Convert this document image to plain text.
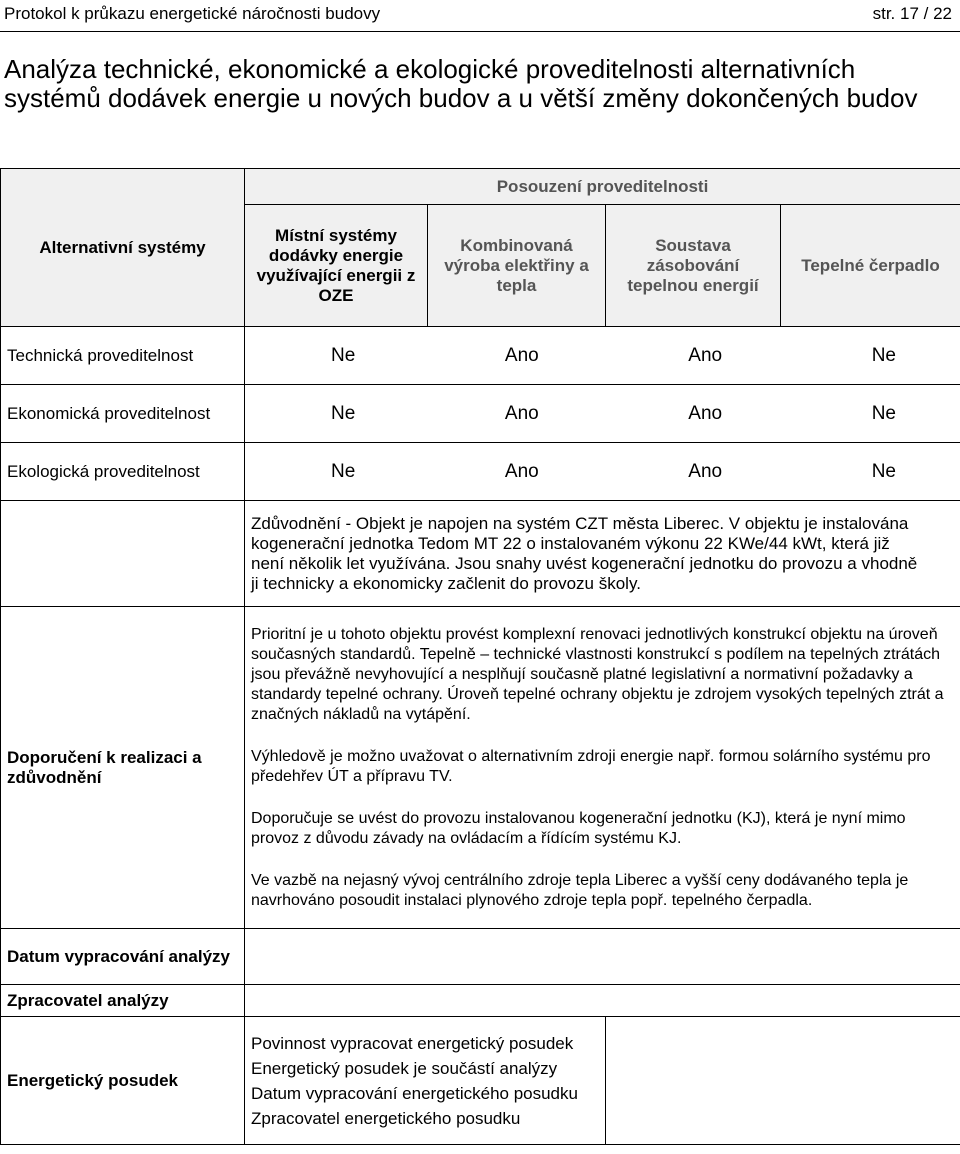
Protokol k průkazu energetické náročnosti budovy	str. 17 / 22
Analýza technické, ekonomické a ekologické proveditelnosti alternativních systémů dodávek energie u nových budov a u větší změny dokončených budov
Alternativní systémy	Posouzení proveditelnosti			
	Místní systémy dodávky energie využívající energii z OZE	Kombinovaná výroba elektřiny a tepla	Soustava zásobování tepelnou energií	Tepelné čerpadlo
Technická proveditelnost	Ne Ano Ano Ne			

Ekonomická proveditelnost	Ne Ano Ano Ne			

Ekologická proveditelnost	Ne Ano Ano Ne			

	Zdůvodnění - Objekt je napojen na systém CZT města Liberec. V objektu je instalována
kogenerační jednotka Tedom MT 22 o instalovaném výkonu 22 KWe/44 kWt, která již
není několik let využívána. Jsou snahy uvést kogenerační jednotku do provozu a vhodně
ji technicky a ekonomicky začlenit do provozu školy.			

Doporučení k realizaci a zdůvodnění	Prioritní je u tohoto objektu provést komplexní renovaci jednotlivých konstrukcí objektu na úroveň současných standardů. Tepelně – technické vlastnosti konstrukcí s podílem na tepelných ztrátách jsou převážně nevyhovující a nesplňují současně platné legislativní a normativní požadavky a standardy tepelné ochrany. Úroveň tepelné ochrany objektu je zdrojem vysokých tepelných ztrát a značných nákladů na vytápění.

Výhledově je možno uvažovat o alternativním zdroji energie např. formou solárního systému pro předehřev ÚT a přípravu TV.

Doporučuje se uvést do provozu instalovanou kogenerační jednotku (KJ), která je nyní mimo provoz z důvodu závady na ovládacím a řídícím systému KJ.

Ve vazbě na nejasný vývoj centrálního zdroje tepla Liberec a vyšší ceny dodávaného tepla je navrhováno posoudit instalaci plynového zdroje tepla popř. tepelného čerpadla.			

Datum vypracování analýzy				
Zpracovatel analýzy				
Energetický posudek	Povinnost vypracovat energetický posudek
Energetický posudek je součástí analýzy
Datum vypracování energetického posudku
Zpracovatel energetického posudku			
